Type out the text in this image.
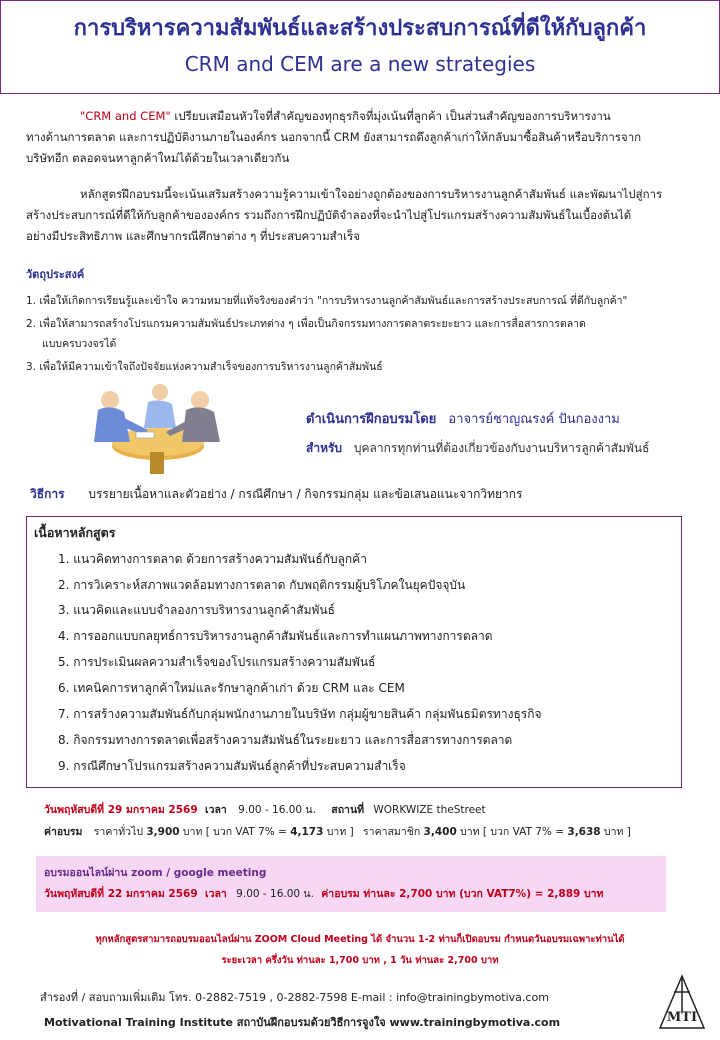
การบริหารความสัมพันธ์และสร้างประสบการณ์ที่ดีให้กับลูกค้า
CRM and CEM are a new strategies
"CRM and CEM" เปรียบเสมือนหัวใจที่สำคัญของทุกธุรกิจที่มุ่งเน้นที่ลูกค้า เป็นส่วนสำคัญของการบริหารงาน
ทางด้านการตลาด และการปฏิบัติงานภายในองค์กร นอกจากนี้ CRM ยังสามารถดึงลูกค้าเก่าให้กลับมาซื้อสินค้าหรือบริการจาก
บริษัทอีก ตลอดจนหาลูกค้าใหม่ได้ด้วยในเวลาเดียวกัน
หลักสูตรฝึกอบรมนี้จะเน้นเสริมสร้างความรู้ความเข้าใจอย่างถูกต้องของการบริหารงานลูกค้าสัมพันธ์ และพัฒนาไปสู่การ
สร้างประสบการณ์ที่ดีให้กับลูกค้าขององค์กร รวมถึงการฝึกปฏิบัติจำลองที่จะนำไปสู่โปรแกรมสร้างความสัมพันธ์ในเบื้องต้นได้
อย่างมีประสิทธิภาพ และศึกษากรณีศึกษาต่าง ๆ ที่ประสบความสำเร็จ
วัตถุประสงค์
1. เพื่อให้เกิดการเรียนรู้และเข้าใจ ความหมายที่แท้จริงของคำว่า "การบริหารงานลูกค้าสัมพันธ์และการสร้างประสบการณ์ ที่ดีกับลูกค้า"
2. เพื่อให้สามารถสร้างโปรแกรมความสัมพันธ์ประเภทต่าง ๆ เพื่อเป็นกิจกรรมทางการตลาดระยะยาว และการสื่อสารการตลาด
แบบครบวงจรได้
3. เพื่อให้มีความเข้าใจถึงปัจจัยแห่งความสำเร็จของการบริหารงานลูกค้าสัมพันธ์
ดำเนินการฝึกอบรมโดย อาจารย์ชาญณรงค์ ปันกองงาม
สำหรับ บุคลากรทุกท่านที่ต้องเกี่ยวข้องกับงานบริหารลูกค้าสัมพันธ์
วิธีการ บรรยายเนื้อหาและตัวอย่าง / กรณีศึกษา / กิจกรรมกลุ่ม และข้อเสนอแนะจากวิทยากร
เนื้อหาหลักสูตร
1. แนวคิดทางการตลาด ด้วยการสร้างความสัมพันธ์กับลูกค้า
2. การวิเคราะห์สภาพแวดล้อมทางการตลาด กับพฤติกรรมผู้บริโภคในยุคปัจจุบัน
3. แนวคิดและแบบจำลองการบริหารงานลูกค้าสัมพันธ์
4. การออกแบบกลยุทธ์การบริหารงานลูกค้าสัมพันธ์และการทำแผนภาพทางการตลาด
5. การประเมินผลความสำเร็จของโปรแกรมสร้างความสัมพันธ์
6. เทคนิคการหาลูกค้าใหม่และรักษาลูกค้าเก่า ด้วย CRM และ CEM
7. การสร้างความสัมพันธ์กับกลุ่มพนักงานภายในบริษัท กลุ่มผู้ขายสินค้า กลุ่มพันธมิตรทางธุรกิจ
8. กิจกรรมทางการตลาดเพื่อสร้างความสัมพันธ์ในระยะยาว และการสื่อสารทางการตลาด
9. กรณีศึกษาโปรแกรมสร้างความสัมพันธ์ลูกค้าที่ประสบความสำเร็จ
วันพฤหัสบดีที่ 29 มกราคม 2569 เวลา 9.00 - 16.00 น. สถานที่ WORKWIZE theStreet
ค่าอบรม ราคาทั่วไป 3,900 บาท [ บวก VAT 7% = 4,173 บาท ] ราคาสมาชิก 3,400 บาท [ บวก VAT 7% = 3,638 บาท ]
อบรมออนไลน์ผ่าน zoom / google meeting
วันพฤหัสบดีที่ 22 มกราคม 2569 เวลา 9.00 - 16.00 น. ค่าอบรม ท่านละ 2,700 บาท (บวก VAT7%) = 2,889 บาท
ทุกหลักสูตรสามารถอบรมออนไลน์ผ่าน ZOOM Cloud Meeting ได้ จำนวน 1-2 ท่านก็เปิดอบรม กำหนดวันอบรมเฉพาะท่านได้
ระยะเวลา ครึ่งวัน ท่านละ 1,700 บาท , 1 วัน ท่านละ 2,700 บาท
สำรองที่ / สอบถามเพิ่มเติม โทร. 0-2882-7519 , 0-2882-7598 E-mail : info@trainingbymotiva.com
Motivational Training Institute สถาบันฝึกอบรมด้วยวิธีการจูงใจ www.trainingbymotiva.com	MTI
